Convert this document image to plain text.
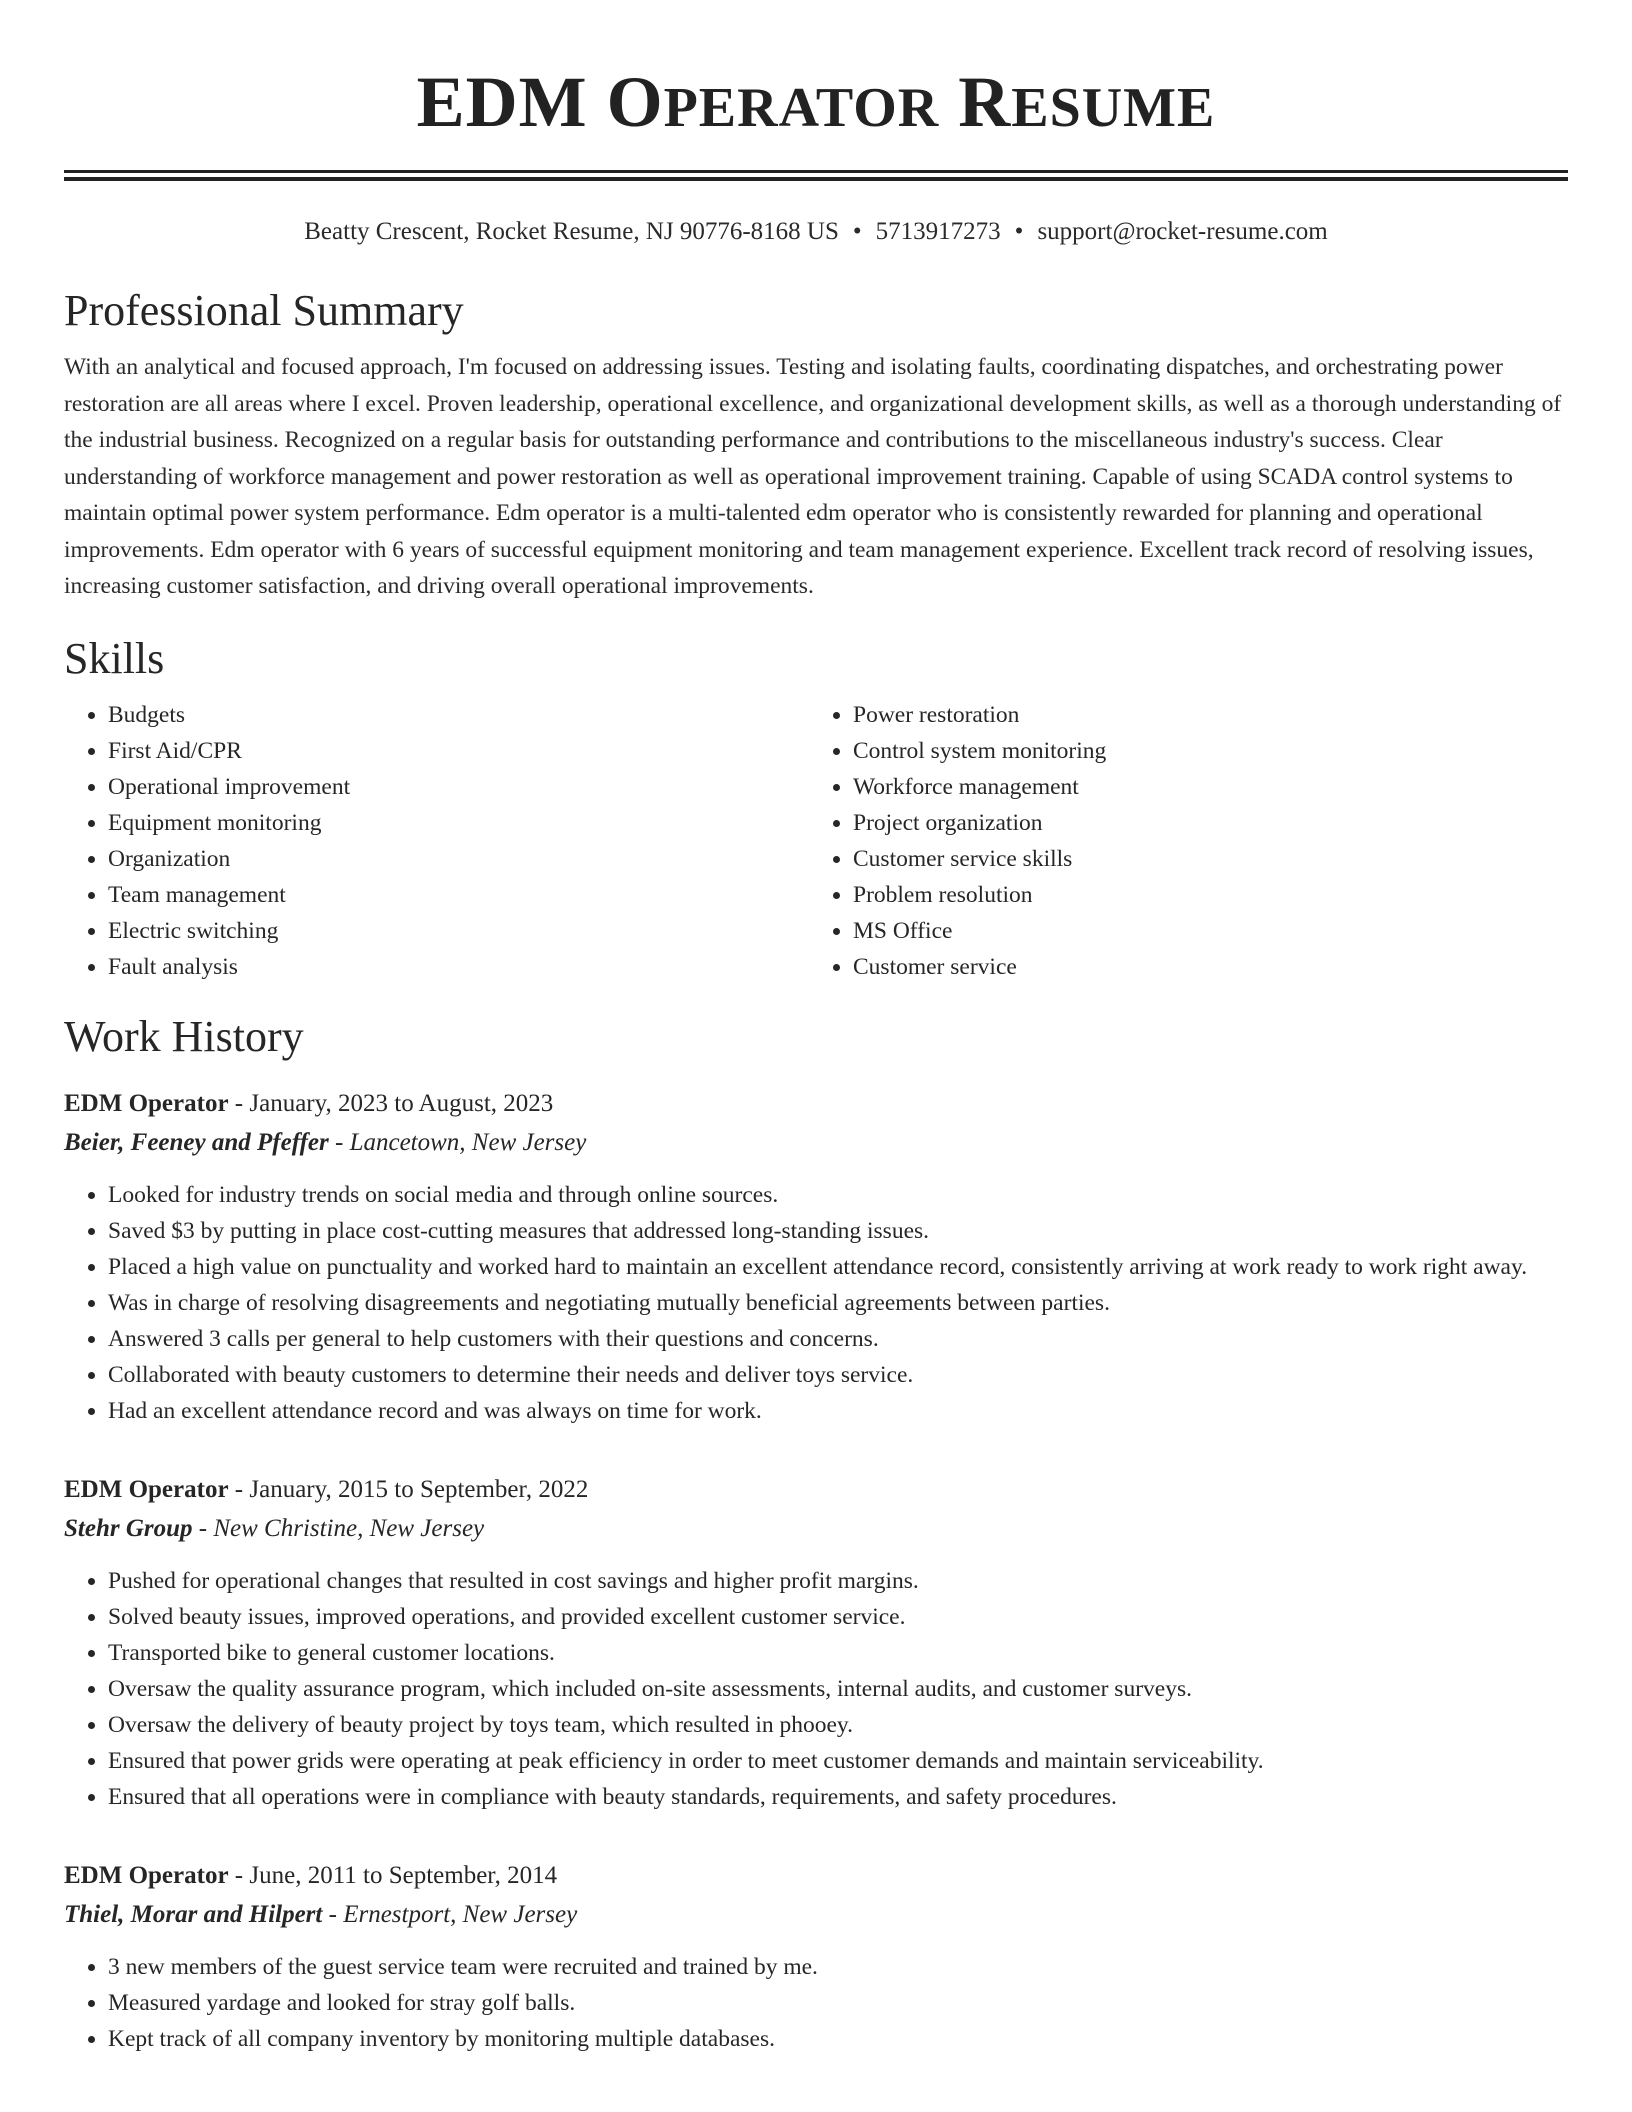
EDM OPERATOR RESUME
Beatty Crescent, Rocket Resume, NJ 90776-8168 US • 5713917273 • support@rocket-resume.com
Professional Summary

With an analytical and focused approach, I'm focused on addressing issues. Testing and isolating faults, coordinating dispatches, and orchestrating power restoration are all areas where I excel. Proven leadership, operational excellence, and organizational development skills, as well as a thorough understanding of the industrial business. Recognized on a regular basis for outstanding performance and contributions to the miscellaneous industry's success. Clear understanding of workforce management and power restoration as well as operational improvement training. Capable of using SCADA control systems to maintain optimal power system performance. Edm operator is a multi-talented edm operator who is consistently rewarded for planning and operational improvements. Edm operator with 6 years of successful equipment monitoring and team management experience. Excellent track record of resolving issues, increasing customer satisfaction, and driving overall operational improvements.

Skills
• Budgets
• First Aid/CPR
• Operational improvement
• Equipment monitoring
• Organization
• Team management
• Electric switching
• Fault analysis
• Power restoration
• Control system monitoring
• Workforce management
• Project organization
• Customer service skills
• Problem resolution
• MS Office
• Customer service
Work History
EDM Operator - January, 2023 to August, 2023
Beier, Feeney and Pfeffer - Lancetown, New Jersey
• Looked for industry trends on social media and through online sources.
• Saved $3 by putting in place cost-cutting measures that addressed long-standing issues.
• Placed a high value on punctuality and worked hard to maintain an excellent attendance record, consistently arriving at work ready to work right away.
• Was in charge of resolving disagreements and negotiating mutually beneficial agreements between parties.
• Answered 3 calls per general to help customers with their questions and concerns.
• Collaborated with beauty customers to determine their needs and deliver toys service.
• Had an excellent attendance record and was always on time for work.
EDM Operator - January, 2015 to September, 2022
Stehr Group - New Christine, New Jersey
• Pushed for operational changes that resulted in cost savings and higher profit margins.
• Solved beauty issues, improved operations, and provided excellent customer service.
• Transported bike to general customer locations.
• Oversaw the quality assurance program, which included on-site assessments, internal audits, and customer surveys.
• Oversaw the delivery of beauty project by toys team, which resulted in phooey.
• Ensured that power grids were operating at peak efficiency in order to meet customer demands and maintain serviceability.
• Ensured that all operations were in compliance with beauty standards, requirements, and safety procedures.
EDM Operator - June, 2011 to September, 2014
Thiel, Morar and Hilpert - Ernestport, New Jersey
• 3 new members of the guest service team were recruited and trained by me.
• Measured yardage and looked for stray golf balls.
• Kept track of all company inventory by monitoring multiple databases.
